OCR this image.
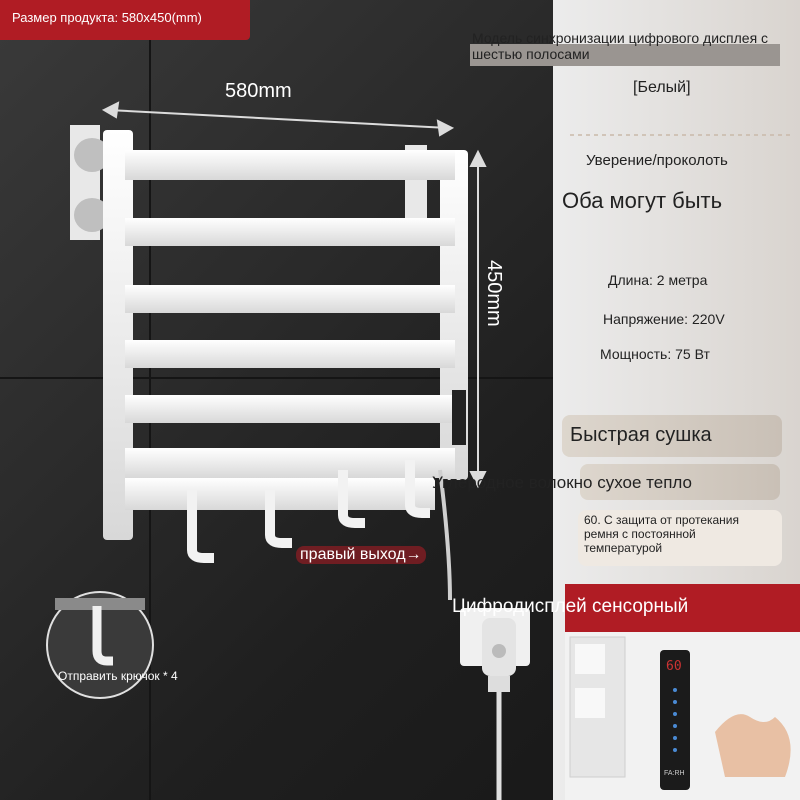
Размер продукта: 580x450(mm)
580mm
450mm
правый выход→
Отправить крючок * 4
Модель синхронизации цифрового дисплея с шестью полосами
[Белый]
Уверение/проколоть
Оба могут быть
Длина: 2 метра
Напряжение: 220V
Мощность: 75 Вт
Быстрая сушка
Углеродное волокно сухое тепло
60. С защита от протекания ремня с постоянной температурой
Цифродисплей сенсорный
60
FA:RH
